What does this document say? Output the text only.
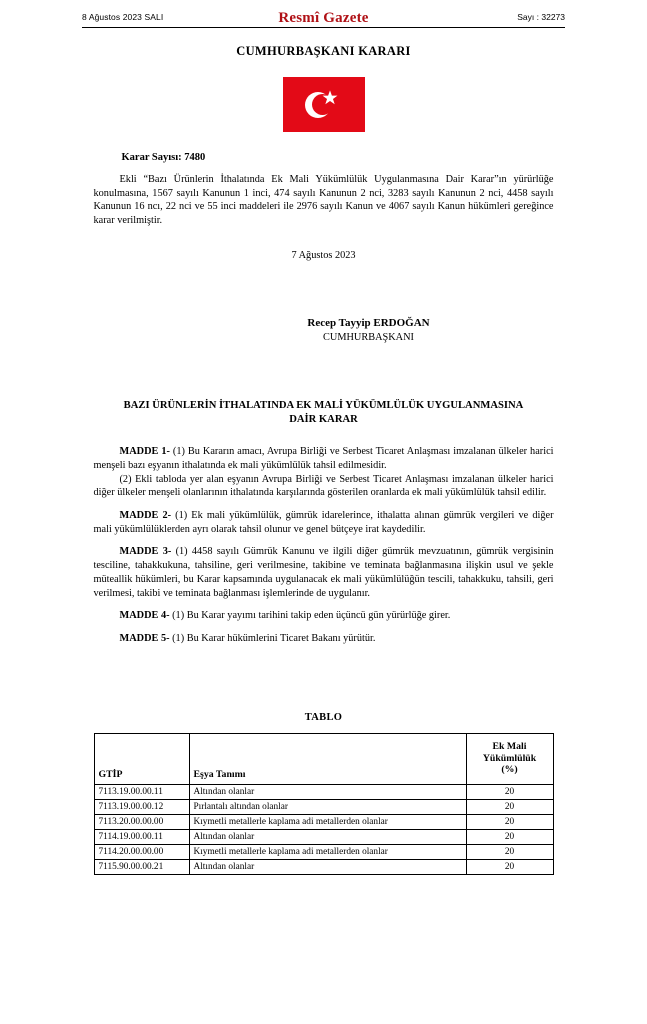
8 Ağustos 2023 SALI	Resmî Gazete	Sayı : 32273
CUMHURBAŞKANI KARARI
Karar Sayısı: 7480

Ekli “Bazı Ürünlerin İthalatında Ek Mali Yükümlülük Uygulanmasına Dair Karar”ın yürürlüğe konulmasına, 1567 sayılı Kanunun 1 inci, 474 sayılı Kanunun 2 nci, 3283 sayılı Kanunun 2 nci, 4458 sayılı Kanunun 16 ncı, 22 nci ve 55 inci maddeleri ile 2976 sayılı Kanun ve 4067 sayılı Kanun hükümleri gereğince karar verilmiştir.

7 Ağustos 2023
Recep Tayyip ERDOĞAN
CUMHURBAŞKANI
BAZI ÜRÜNLERİN İTHALATINDA EK MALİ YÜKÜMLÜLÜK UYGULANMASINA
DAİR KARAR

MADDE 1- (1) Bu Kararın amacı, Avrupa Birliği ve Serbest Ticaret Anlaşması imzalanan ülkeler harici menşeli bazı eşyanın ithalatında ek mali yükümlülük tahsil edilmesidir.

(2) Ekli tabloda yer alan eşyanın Avrupa Birliği ve Serbest Ticaret Anlaşması imzalanan ülkeler harici diğer ülkeler menşeli olanlarının ithalatında karşılarında gösterilen oranlarda ek mali yükümlülük tahsil edilir.

MADDE 2- (1) Ek mali yükümlülük, gümrük idarelerince, ithalatta alınan gümrük vergileri ve diğer mali yükümlülüklerden ayrı olarak tahsil olunur ve genel bütçeye irat kaydedilir.

MADDE 3- (1) 4458 sayılı Gümrük Kanunu ve ilgili diğer gümrük mevzuatının, gümrük vergisinin tesciline, tahakkukuna, tahsiline, geri verilmesine, takibine ve teminata bağlanmasına ilişkin usul ve şekle müteallik hükümleri, bu Karar kapsamında uygulanacak ek mali yükümlülüğün tescili, tahakkuku, tahsili, geri verilmesi, takibi ve teminata bağlanması işlemlerinde de uygulanır.

MADDE 4- (1) Bu Karar yayımı tarihini takip eden üçüncü gün yürürlüğe girer.

MADDE 5- (1) Bu Karar hükümlerini Ticaret Bakanı yürütür.

TABLO
GTİP	Eşya Tanımı	Ek Mali
Yükümlülük
(%)

7113.19.00.00.11	Altından olanlar	20
7113.19.00.00.12	Pırlantalı altından olanlar	20
7113.20.00.00.00	Kıymetli metallerle kaplama adi metallerden olanlar	20
7114.19.00.00.11	Altından olanlar	20
7114.20.00.00.00	Kıymetli metallerle kaplama adi metallerden olanlar	20
7115.90.00.00.21	Altından olanlar	20
